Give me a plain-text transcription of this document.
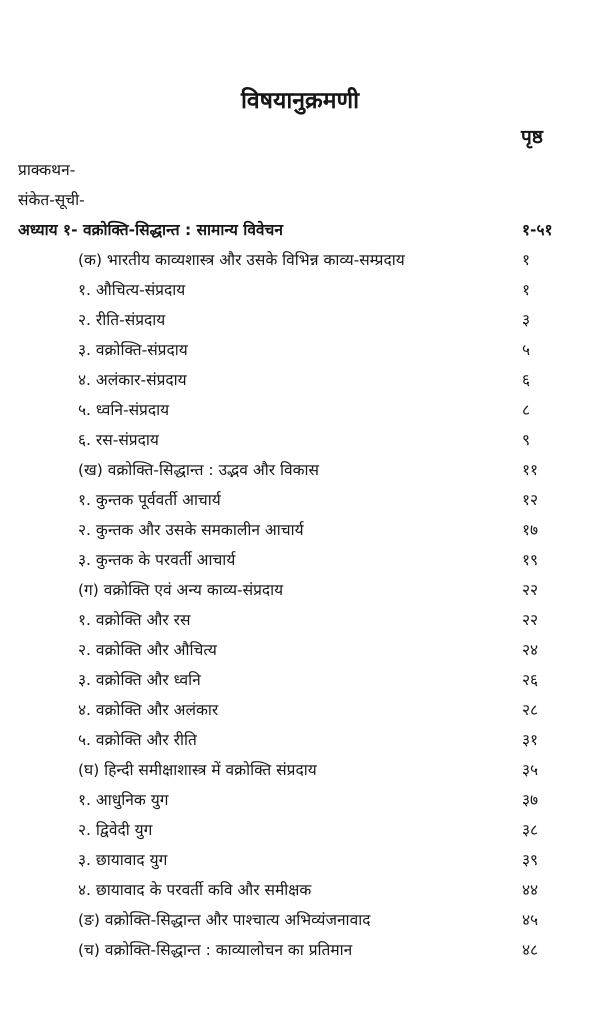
विषयानुक्रमणी
पृष्ठ
प्राक्कथन-
संकेत-सूची-
अध्याय १- वक्रोक्ति-सिद्धान्त : सामान्य विवेचन	१-५१
(क) भारतीय काव्यशास्त्र और उसके विभिन्न काव्य-सम्प्रदाय	१
१. औचित्य-संप्रदाय	१
२. रीति-संप्रदाय	३
३. वक्रोक्ति-संप्रदाय	५
४. अलंकार-संप्रदाय	६
५. ध्वनि-संप्रदाय	८
६. रस-संप्रदाय	९
(ख) वक्रोक्ति-सिद्धान्त : उद्भव और विकास	११
१. कुन्तक पूर्ववर्ती आचार्य	१२
२. कुन्तक और उसके समकालीन आचार्य	१७
३. कुन्तक के परवर्ती आचार्य	१९
(ग) वक्रोक्ति एवं अन्य काव्य-संप्रदाय	२२
१. वक्रोक्ति और रस	२२
२. वक्रोक्ति और औचित्य	२४
३. वक्रोक्ति और ध्वनि	२६
४. वक्रोक्ति और अलंकार	२८
५. वक्रोक्ति और रीति	३१
(घ) हिन्दी समीक्षाशास्त्र में वक्रोक्ति संप्रदाय	३५
१. आधुनिक युग	३७
२. द्विवेदी युग	३८
३. छायावाद युग	३९
४. छायावाद के परवर्ती कवि और समीक्षक	४४
(ङ) वक्रोक्ति-सिद्धान्त और पाश्चात्य अभिव्यंजनावाद	४५
(च) वक्रोक्ति-सिद्धान्त : काव्यालोचन का प्रतिमान	४८
